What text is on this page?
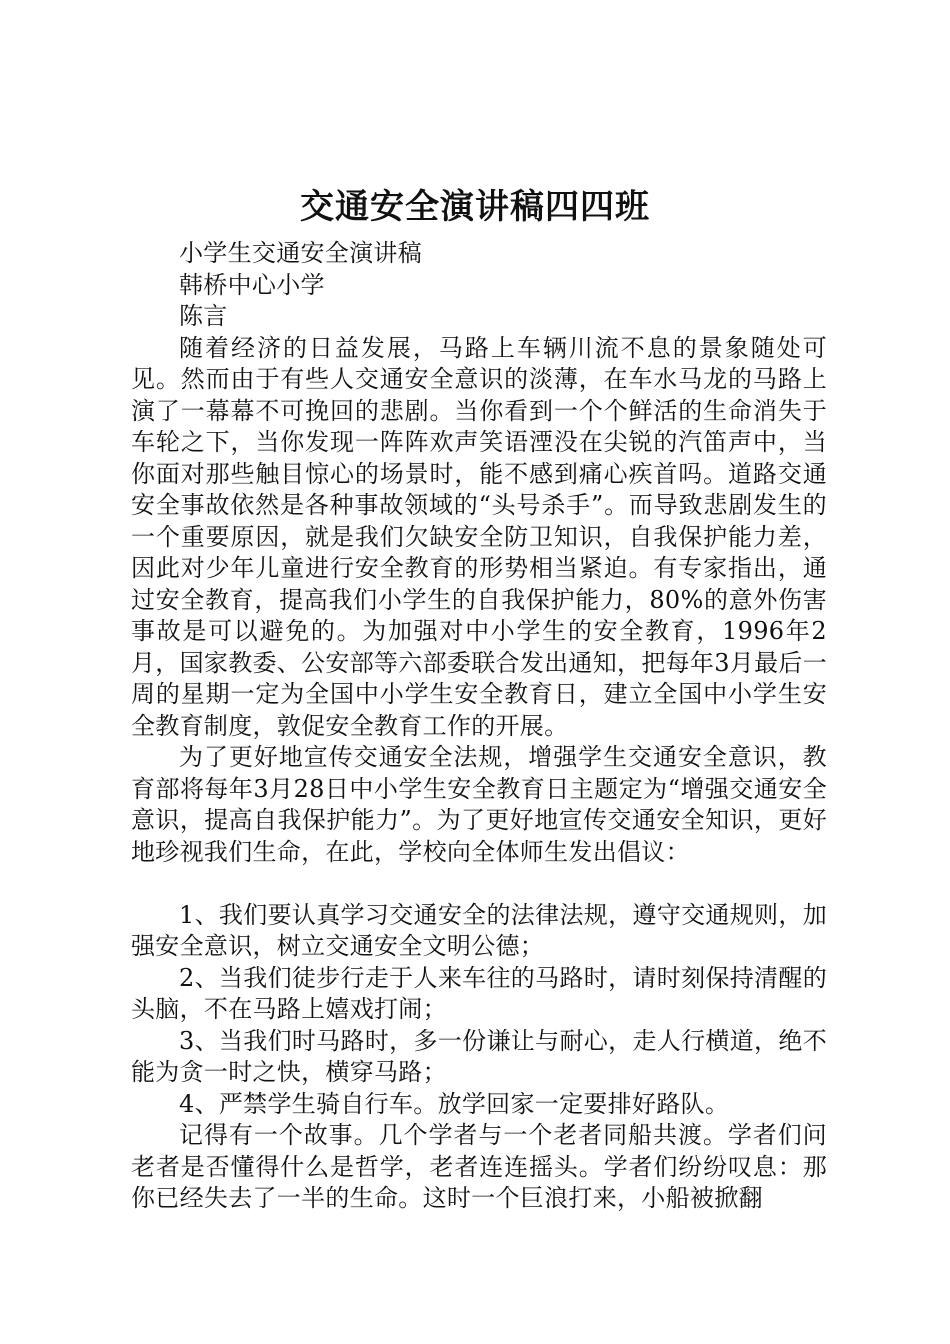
交通安全演讲稿四四班

小学生交通安全演讲稿

韩桥中心小学

陈言

随着经济的日益发展，马路上车辆川流不息的景象随处可见。然而由于有些人交通安全意识的淡薄，在车水马龙的马路上演了一幕幕不可挽回的悲剧。当你看到一个个鲜活的生命消失于车轮之下，当你发现一阵阵欢声笑语湮没在尖锐的汽笛声中，当你面对那些触目惊心的场景时，能不感到痛心疾首吗。道路交通安全事故依然是各种事故领域的“头号杀手”。而导致悲剧发生的一个重要原因，就是我们欠缺安全防卫知识，自我保护能力差，因此对少年儿童进行安全教育的形势相当紧迫。有专家指出，通过安全教育，提高我们小学生的自我保护能力，80%的意外伤害事故是可以避免的。为加强对中小学生的安全教育，1996年2月，国家教委、公安部等六部委联合发出通知，把每年3月最后一周的星期一定为全国中小学生安全教育日，建立全国中小学生安全教育制度，敦促安全教育工作的开展。

为了更好地宣传交通安全法规，增强学生交通安全意识，教育部将每年3月28日中小学生安全教育日主题定为“增强交通安全意识，提高自我保护能力”。为了更好地宣传交通安全知识，更好地珍视我们生命，在此，学校向全体师生发出倡议：

1、我们要认真学习交通安全的法律法规，遵守交通规则，加强安全意识，树立交通安全文明公德；

2、当我们徒步行走于人来车往的马路时，请时刻保持清醒的头脑，不在马路上嬉戏打闹；

3、当我们时马路时，多一份谦让与耐心，走人行横道，绝不能为贪一时之快，横穿马路；

4、严禁学生骑自行车。放学回家一定要排好路队。

记得有一个故事。几个学者与一个老者同船共渡。学者们问老者是否懂得什么是哲学，老者连连摇头。学者们纷纷叹息：那你已经失去了一半的生命。这时一个巨浪打来，小船被掀翻
